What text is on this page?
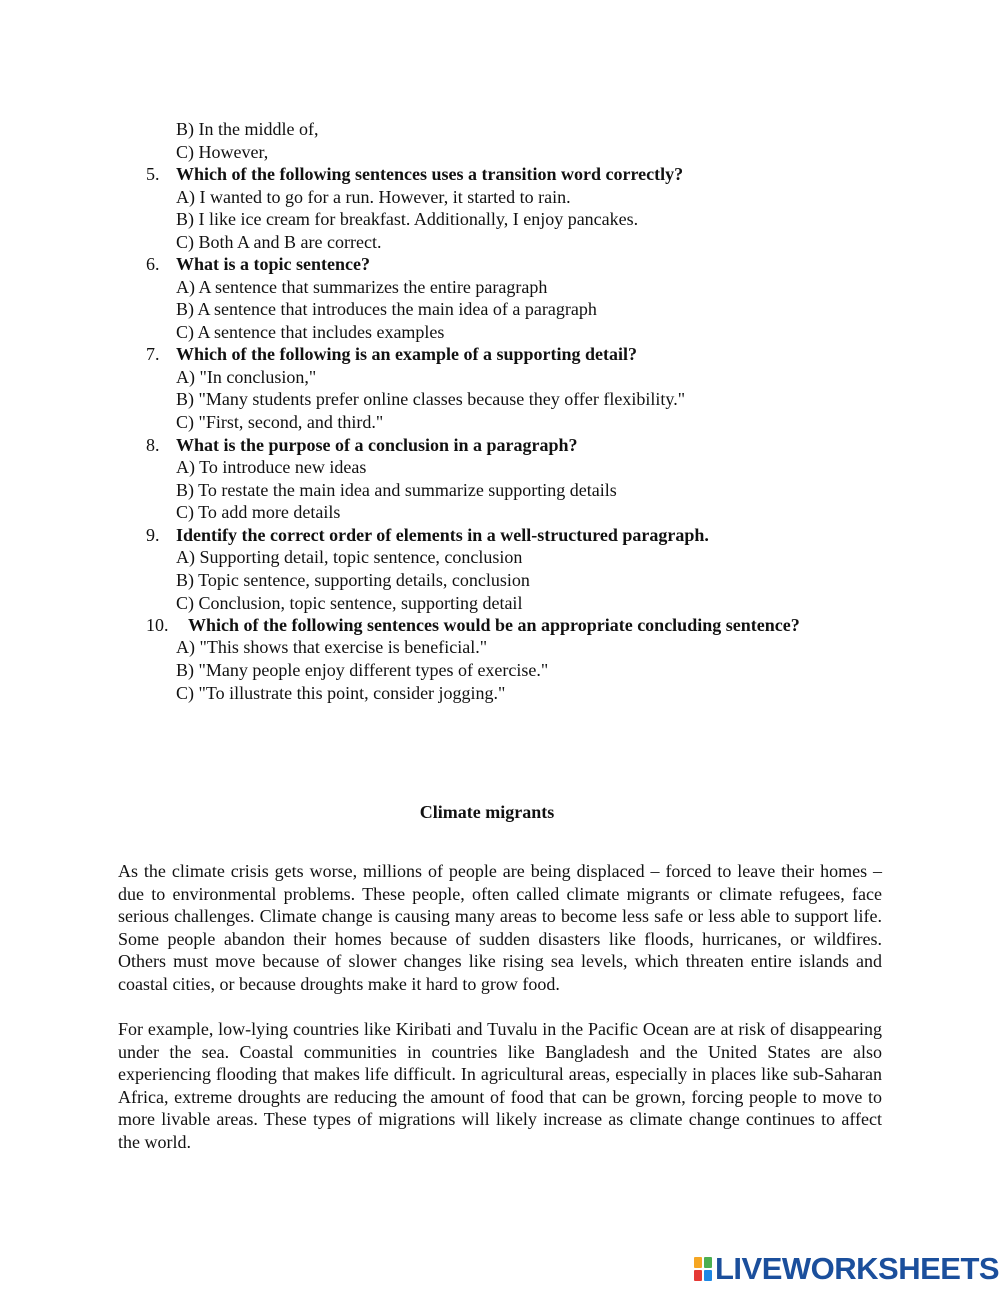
B) In the middle of,
C) However,
5. Which of the following sentences uses a transition word correctly?
A) I wanted to go for a run. However, it started to rain.
B) I like ice cream for breakfast. Additionally, I enjoy pancakes.
C) Both A and B are correct.
6. What is a topic sentence?
A) A sentence that summarizes the entire paragraph
B) A sentence that introduces the main idea of a paragraph
C) A sentence that includes examples
7. Which of the following is an example of a supporting detail?
A) "In conclusion,"
B) "Many students prefer online classes because they offer flexibility."
C) "First, second, and third."
8. What is the purpose of a conclusion in a paragraph?
A) To introduce new ideas
B) To restate the main idea and summarize supporting details
C) To add more details
9. Identify the correct order of elements in a well-structured paragraph.
A) Supporting detail, topic sentence, conclusion
B) Topic sentence, supporting details, conclusion
C) Conclusion, topic sentence, supporting detail
10. Which of the following sentences would be an appropriate concluding sentence?
A) "This shows that exercise is beneficial."
B) "Many people enjoy different types of exercise."
C) "To illustrate this point, consider jogging."
Climate migrants

As the climate crisis gets worse, millions of people are being displaced – forced to leave their homes – due to environmental problems. These people, often called climate migrants or climate refugees, face serious challenges. Climate change is causing many areas to become less safe or less able to support life. Some people abandon their homes because of sudden disasters like floods, hurricanes, or wildfires. Others must move because of slower changes like rising sea levels, which threaten entire islands and coastal cities, or because droughts make it hard to grow food.

For example, low-lying countries like Kiribati and Tuvalu in the Pacific Ocean are at risk of disappearing under the sea. Coastal communities in countries like Bangladesh and the United States are also experiencing flooding that makes life difficult. In agricultural areas, especially in places like sub-Saharan Africa, extreme droughts are reducing the amount of food that can be grown, forcing people to move to more livable areas. These types of migrations will likely increase as climate change continues to affect the world.

LIVEWORKSHEETS
